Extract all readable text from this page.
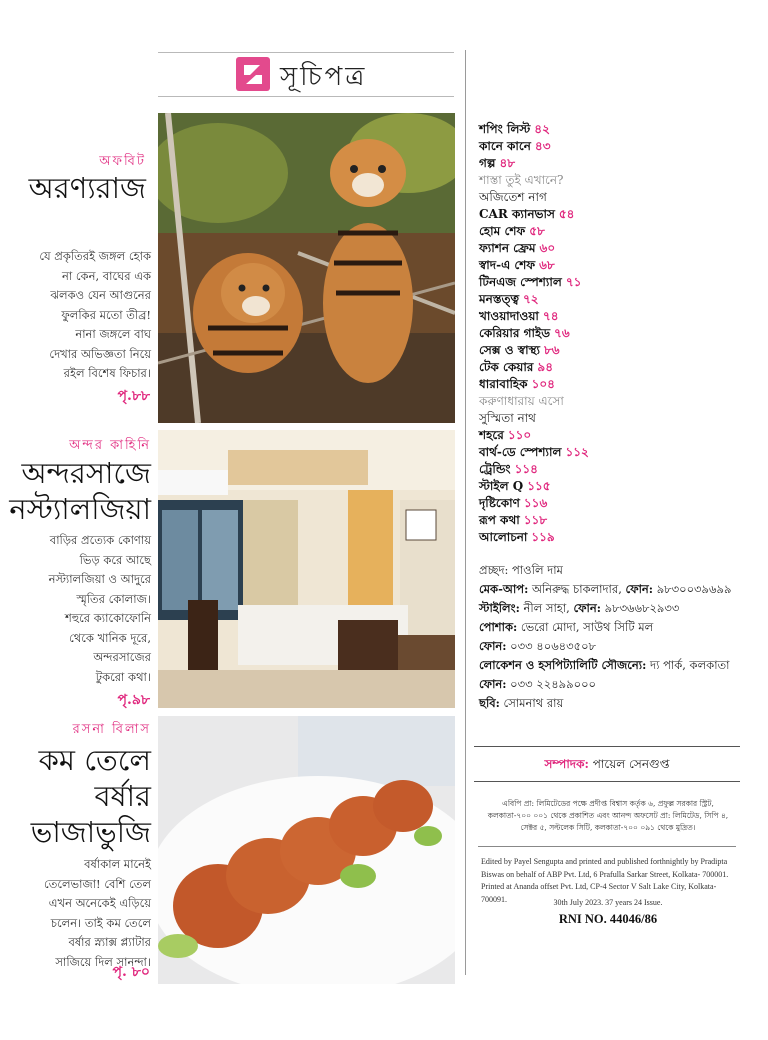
সূচিপত্র
অফবিট
অরণ্যরাজ
যে প্রকৃতিরই জঙ্গল হোক
না কেন, বাঘের এক
ঝলকও যেন আগুনের
ফুলকির মতো তীব্র!
নানা জঙ্গলে বাঘ
দেখার অভিজ্ঞতা নিয়ে
রইল বিশেষ ফিচার।
পৃ.৮৮
অন্দর কাহিনি
অন্দরসাজে
নস্ট্যালজিয়া
বাড়ির প্রত্যেক কোণায়
ভিড় করে আছে
নস্ট্যালজিয়া ও আদুরে
স্মৃতির কোলাজ।
শহুরে ক্যাকোফোনি
থেকে খানিক দূরে,
অন্দরসাজের
টুকরো কথা।
পৃ.৯৮
রসনা বিলাস
কম তেলে
বর্ষার
ভাজাভুজি
বর্ষাকাল মানেই
তেলেভাজা! বেশি তেল
এখন অনেকেই এড়িয়ে
চলেন। তাই কম তেলে
বর্ষার স্ন্যাক্স প্ল্যাটার
সাজিয়ে দিল সানন্দা।
পৃ. ৮০
শপিং লিস্ট ৪২
কানে কানে ৪৩
গল্প ৪৮
শাস্তা তুই এখানে?
অজিতেশ নাগ
CAR ক্যানভাস ৫৪
হোম শেফ ৫৮
ফ্যাশন ফ্রেম ৬০
স্বাদ-এ শেফ ৬৮
টিনএজ স্পেশ্যাল ৭১
মনস্তত্ত্ব ৭২
খাওয়াদাওয়া ৭৪
কেরিয়ার গাইড ৭৬
সেক্স ও স্বাস্থ্য ৮৬
টেক কেয়ার ৯৪
ধারাবাহিক ১০৪
করুণাধারায় এসো
সুস্মিতা নাথ
শহরে ১১০
বার্থ-ডে স্পেশ্যাল ১১২
ট্রেন্ডিং ১১৪
স্টাইল Q ১১৫
দৃষ্টিকোণ ১১৬
রূপ কথা ১১৮
আলোচনা ১১৯
প্রচ্ছদ: পাওলি দাম
মেক-আপ: অনিরুদ্ধ চাকলাদার, ফোন: ৯৮৩০০৩৯৬৯৯
স্টাইলিং: নীল সাহা, ফোন: ৯৮৩৬৬৮২৯৩৩
পোশাক: ভেরো মোদা, সাউথ সিটি মল
ফোন: ০৩৩ ৪০৬৪৩৫০৮
লোকেশন ও হসপিট্যালিটি সৌজন্যে: দ্য পার্ক, কলকাতা
ফোন: ০৩৩ ২২৪৯৯০০০
ছবি: সোমনাথ রায়
সম্পাদক: পায়েল সেনগুপ্ত
এবিপি প্রা: লিমিটেডের পক্ষে প্রদীপ্ত বিশ্বাস কর্তৃক ৬, প্রফুল্ল সরকার স্ট্রিট, কলকাতা-৭০০ ০০১ থেকে প্রকাশিত এবং আনন্দ অফসেট প্রা: লিমিটেড, সিপি ৪, সেক্টর ৫, সল্টলেক সিটি, কলকাতা-৭০০ ০৯১ থেকে মুদ্রিত।
Edited by Payel Sengupta and printed and published forthnightly by Pradipta Biswas on behalf of ABP Pvt. Ltd, 6 Prafulla Sarkar Street, Kolkata- 700001. Printed at Ananda offset Pvt. Ltd, CP-4 Sector V Salt Lake City, Kolkata- 700091.	30th July 2023. 37 years 24 Issue.
RNI NO. 44046/86
